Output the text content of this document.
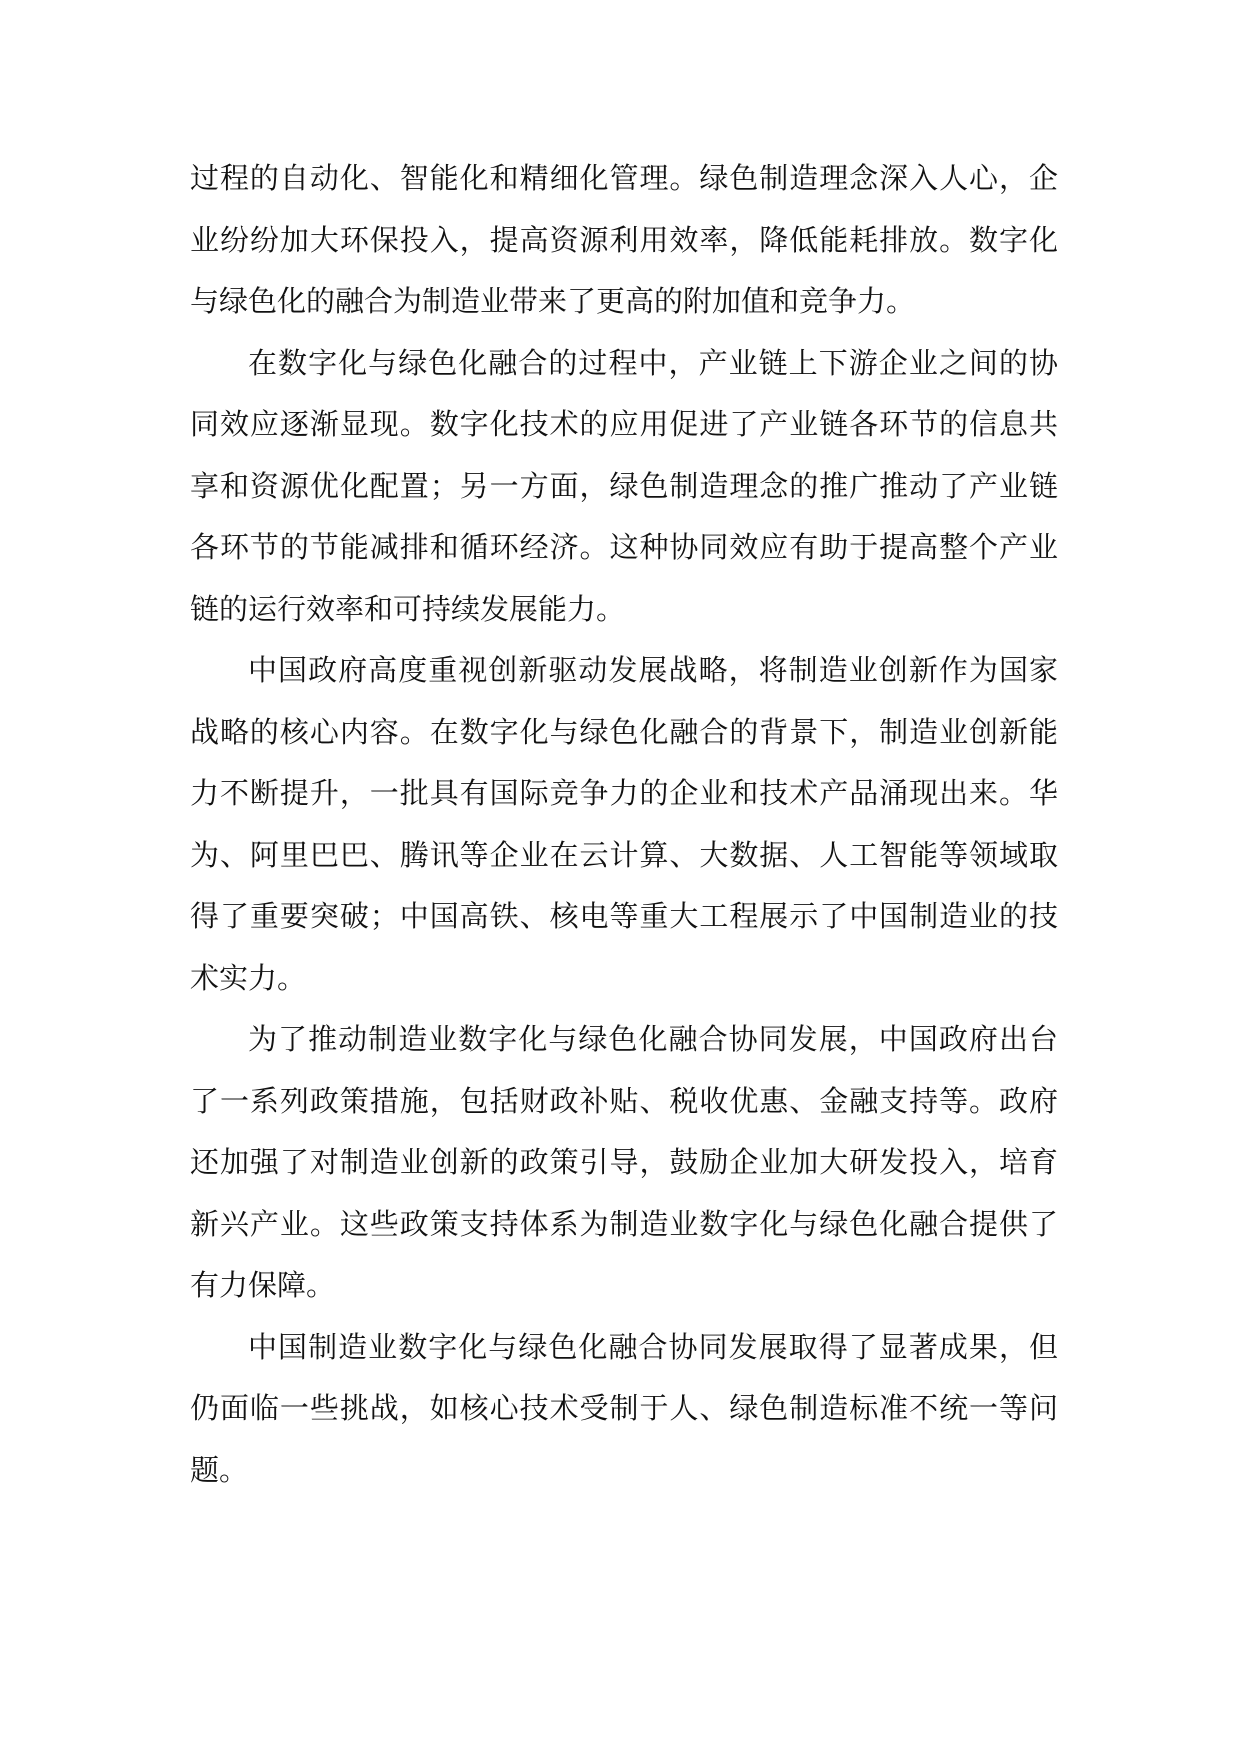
过程的自动化、智能化和精细化管理。绿色制造理念深入人心，企业纷纷加大环保投入，提高资源利用效率，降低能耗排放。数字化与绿色化的融合为制造业带来了更高的附加值和竞争力。

在数字化与绿色化融合的过程中，产业链上下游企业之间的协同效应逐渐显现。数字化技术的应用促进了产业链各环节的信息共享和资源优化配置；另一方面，绿色制造理念的推广推动了产业链各环节的节能减排和循环经济。这种协同效应有助于提高整个产业链的运行效率和可持续发展能力。

中国政府高度重视创新驱动发展战略，将制造业创新作为国家战略的核心内容。在数字化与绿色化融合的背景下，制造业创新能力不断提升，一批具有国际竞争力的企业和技术产品涌现出来。华为、阿里巴巴、腾讯等企业在云计算、大数据、人工智能等领域取得了重要突破；中国高铁、核电等重大工程展示了中国制造业的技术实力。

为了推动制造业数字化与绿色化融合协同发展，中国政府出台了一系列政策措施，包括财政补贴、税收优惠、金融支持等。政府还加强了对制造业创新的政策引导，鼓励企业加大研发投入，培育新兴产业。这些政策支持体系为制造业数字化与绿色化融合提供了有力保障。

中国制造业数字化与绿色化融合协同发展取得了显著成果，但仍面临一些挑战，如核心技术受制于人、绿色制造标准不统一等问题。
